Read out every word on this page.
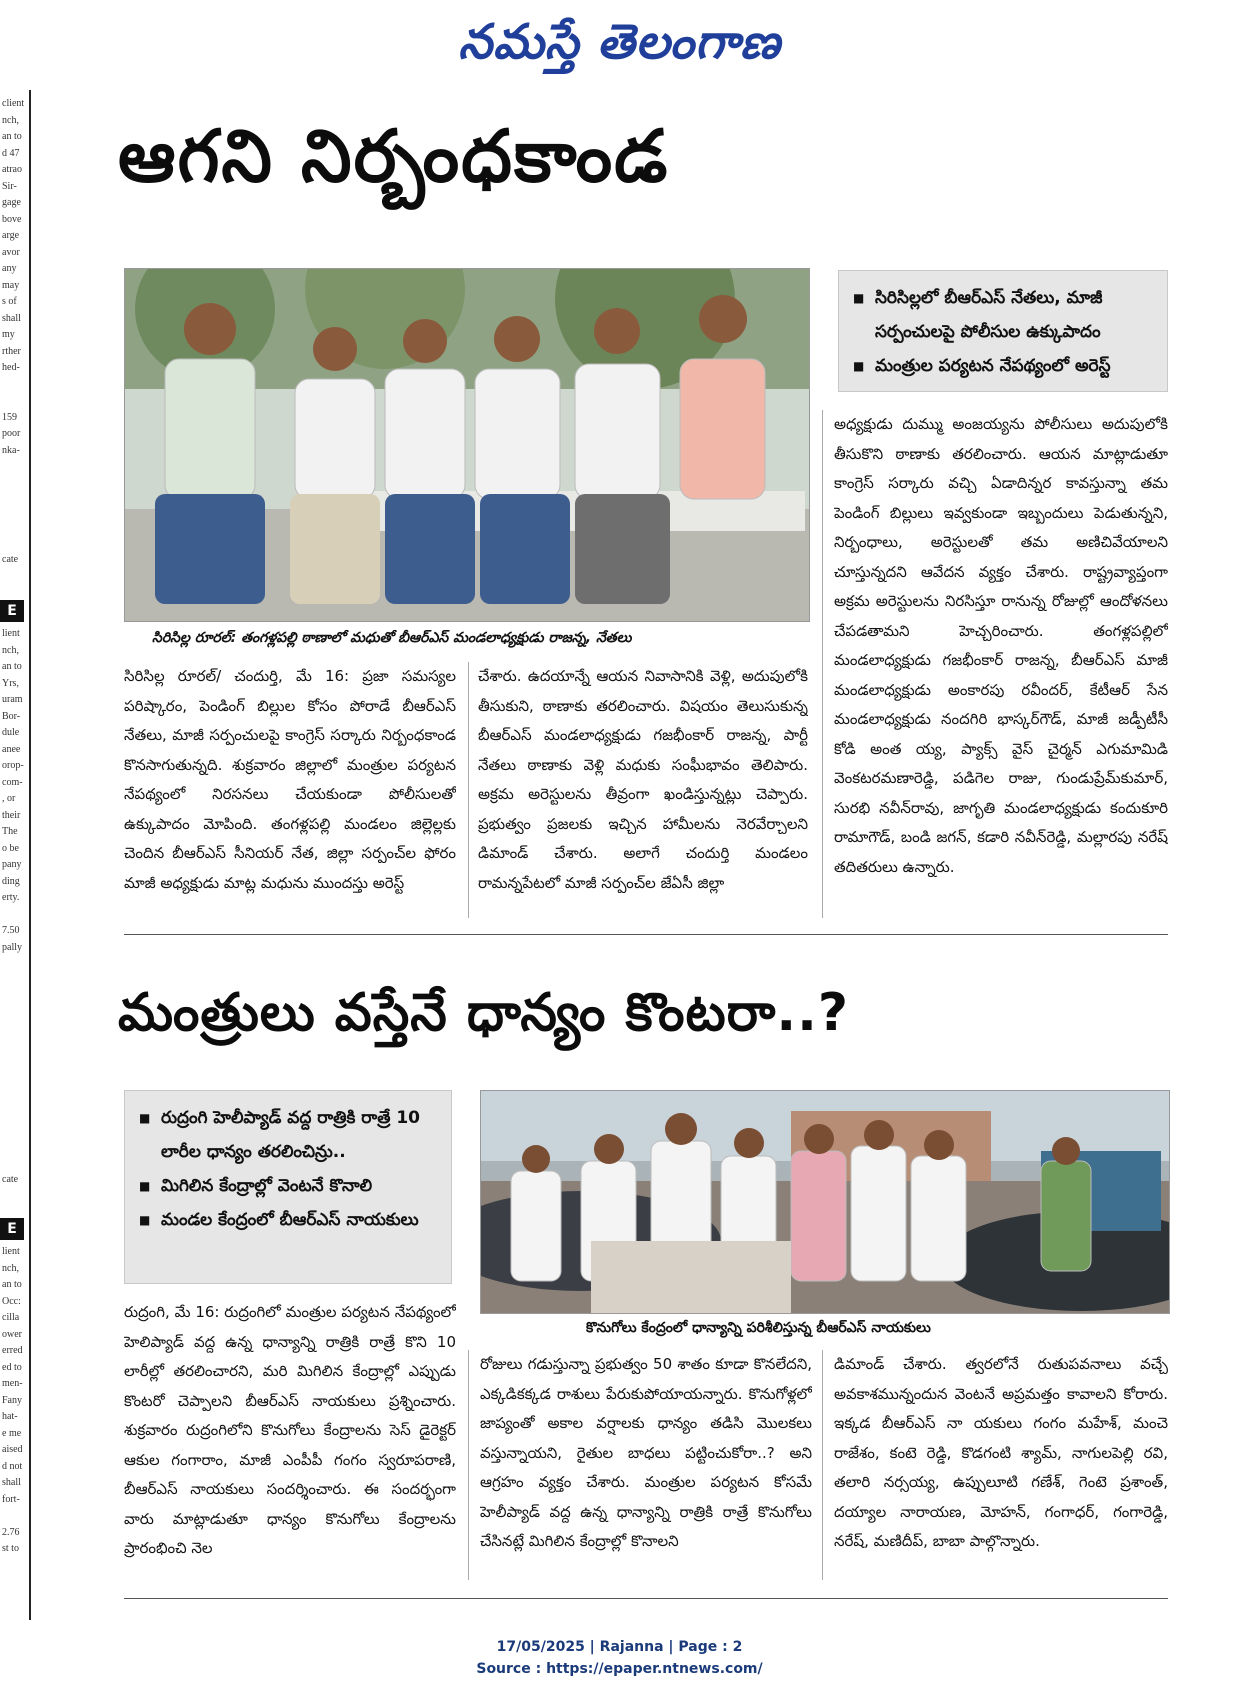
నమస్తే తెలంగాణ
client
nch,
an to
d 47
atrao
Sir-
gage
bove
arge
avor
any
may
s of
shall
my
rther
hed-

159
poor
nka-
cate
E
lient
nch,
an to
Yrs,
uram
Bor-
dule
anee
orop-
com-
, or
their
The
o be
pany
ding
erty.

7.50
pally
cate
E
lient
nch,
an to
Occ:
cilla
ower
erred
ed to
men-
Fany
hat-
e me
aised
d not
shall
fort-

2.76
st to
ఆగని నిర్బంధకాండ
■ సిరిసిల్లలో బీఆర్‌ఎస్ నేతలు, మాజీ సర్పంచులపై పోలీసుల ఉక్కుపాదం
■ మంత్రుల పర్యటన నేపథ్యంలో అరెస్ట్
సిరిసిల్ల రూరల్: తంగళ్లపల్లి ఠాణాలో మధుతో బీఆర్‌ఎస్ మండలాధ్యక్షుడు రాజన్న, నేతలు
సిరిసిల్ల రూరల్/ చందుర్తి, మే 16: ప్రజా సమస్యల పరిష్కారం, పెండింగ్ బిల్లుల కోసం పోరాడే బీఆర్‌ఎస్ నేతలు, మాజీ సర్పంచులపై కాంగ్రెస్ సర్కారు నిర్బంధకాండ కొనసాగుతున్నది. శుక్రవారం జిల్లాలో మంత్రుల పర్యటన నేపథ్యంలో నిరసనలు చేయకుండా పోలీసులతో ఉక్కుపాదం మోపింది. తంగళ్లపల్లి మండలం జిల్లెల్లకు చెందిన బీఆర్‌ఎస్ సీనియర్ నేత, జిల్లా సర్పంచ్‌ల ఫోరం మాజీ అధ్యక్షుడు మాట్ల మధును ముందస్తు అరెస్ట్
చేశారు. ఉదయాన్నే ఆయన నివాసానికి వెళ్లి, అదుపులోకి తీసుకుని, ఠాణాకు తరలించారు. విషయం తెలుసుకున్న బీఆర్‌ఎస్ మండలాధ్యక్షుడు గజభీంకార్ రాజన్న, పార్టీ నేతలు ఠాణాకు వెళ్లి మధుకు సంఘీభావం తెలిపారు. అక్రమ అరెస్టులను తీవ్రంగా ఖండిస్తున్నట్లు చెప్పారు. ప్రభుత్వం ప్రజలకు ఇచ్చిన హామీలను నెరవేర్చాలని డిమాండ్ చేశారు. అలాగే చందుర్తి మండలం రామన్నపేటలో మాజీ సర్పంచ్‌ల జేఏసీ జిల్లా
అధ్యక్షుడు దుమ్ము అంజయ్యను పోలీసులు అదుపులోకి తీసుకొని ఠాణాకు తరలించారు. ఆయన మాట్లాడుతూ కాంగ్రెస్ సర్కారు వచ్చి ఏడాదిన్నర కావస్తున్నా తమ పెండింగ్ బిల్లులు ఇవ్వకుండా ఇబ్బందులు పెడుతున్నని, నిర్బంధాలు, అరెస్టులతో తమ అణిచివేయాలని చూస్తున్నదని ఆవేదన వ్యక్తం చేశారు. రాష్ట్రవ్యాప్తంగా అక్రమ అరెస్టులను నిరసిస్తూ రానున్న రోజుల్లో ఆందోళనలు చేపడతామని హెచ్చరించారు. తంగళ్లపల్లిలో మండలాధ్యక్షుడు గజభీంకార్ రాజన్న, బీఆర్‌ఎస్ మాజీ మండలాధ్యక్షుడు అంకారపు రవీందర్, కేటీఆర్ సేన మండలాధ్యక్షుడు నందగిరి భాస్కర్‌గౌడ్, మాజీ జడ్పీటీసీ కోడి అంత య్య, ప్యాక్స్ వైస్ చైర్మన్ ఎగుమామిడి వెంకటరమణారెడ్డి, పడిగెల రాజు, గుండుప్రేమ్‌కుమార్, సురభి నవీన్‌రావు, జాగృతి మండలాధ్యక్షుడు కందుకూరి రామాగౌడ్, బండి జగన్, కడారి నవీన్‌రెడ్డి, మల్లారపు నరేష్ తదితరులు ఉన్నారు.
మంత్రులు వస్తేనే ధాన్యం కొంటరా..?
■ రుద్రంగి హెలీప్యాడ్ వద్ద రాత్రికి రాత్రే 10 లారీల ధాన్యం తరలించిన్రు..
■ మిగిలిన కేంద్రాల్లో వెంటనే కొనాలి
■ మండల కేంద్రంలో బీఆర్‌ఎస్ నాయకులు
కొనుగోలు కేంద్రంలో ధాన్యాన్ని పరిశీలిస్తున్న బీఆర్‌ఎస్ నాయకులు
రుద్రంగి, మే 16: రుద్రంగిలో మంత్రుల పర్యటన నేపథ్యంలో హెలిప్యాడ్ వద్ద ఉన్న ధాన్యాన్ని రాత్రికి రాత్రే కొని 10 లారీల్లో తరలించారని, మరి మిగిలిన కేంద్రాల్లో ఎప్పుడు కొంటరో చెప్పాలని బీఆర్‌ఎస్ నాయకులు ప్రశ్నించారు. శుక్రవారం రుద్రంగిలోని కొనుగోలు కేంద్రాలను సెస్ డైరెక్టర్ ఆకుల గంగారాం, మాజీ ఎంపీపీ గంగం స్వరూపరాణి, బీఆర్‌ఎస్ నాయకులు సందర్శించారు. ఈ సందర్భంగా వారు మాట్లాడుతూ ధాన్యం కొనుగోలు కేంద్రాలను ప్రారంభించి నెల
రోజులు గడుస్తున్నా ప్రభుత్వం 50 శాతం కూడా కొనలేదని, ఎక్కడికక్కడ రాశులు పేరుకుపోయాయన్నారు. కొనుగోళ్లలో జాప్యంతో అకాల వర్షాలకు ధాన్యం తడిసి మొలకలు వస్తున్నాయని, రైతుల బాధలు పట్టించుకోరా..? అని ఆగ్రహం వ్యక్తం చేశారు. మంత్రుల పర్యటన కోసమే హెలీప్యాడ్ వద్ద ఉన్న ధాన్యాన్ని రాత్రికి రాత్రే కొనుగోలు చేసినట్లే మిగిలిన కేంద్రాల్లో కొనాలని
డిమాండ్ చేశారు. త్వరలోనే రుతుపవనాలు వచ్చే అవకాశమున్నందున వెంటనే అప్రమత్తం కావాలని కోరారు. ఇక్కడ బీఆర్‌ఎస్ నా యకులు గంగం మహేశ్, మంచె రాజేశం, కంటె రెడ్డి, కొడగంటి శ్యామ్, నాగులపెల్లి రవి, తలారి నర్సయ్య, ఉప్పులూటి గణేశ్, గెంటె ప్రశాంత్, దయ్యాల నారాయణ, మోహన్, గంగాధర్, గంగారెడ్డి, నరేష్, మణిదీప్, బాబా పాల్గొన్నారు.
17/05/2025 | Rajanna | Page : 2
Source : https://epaper.ntnews.com/
